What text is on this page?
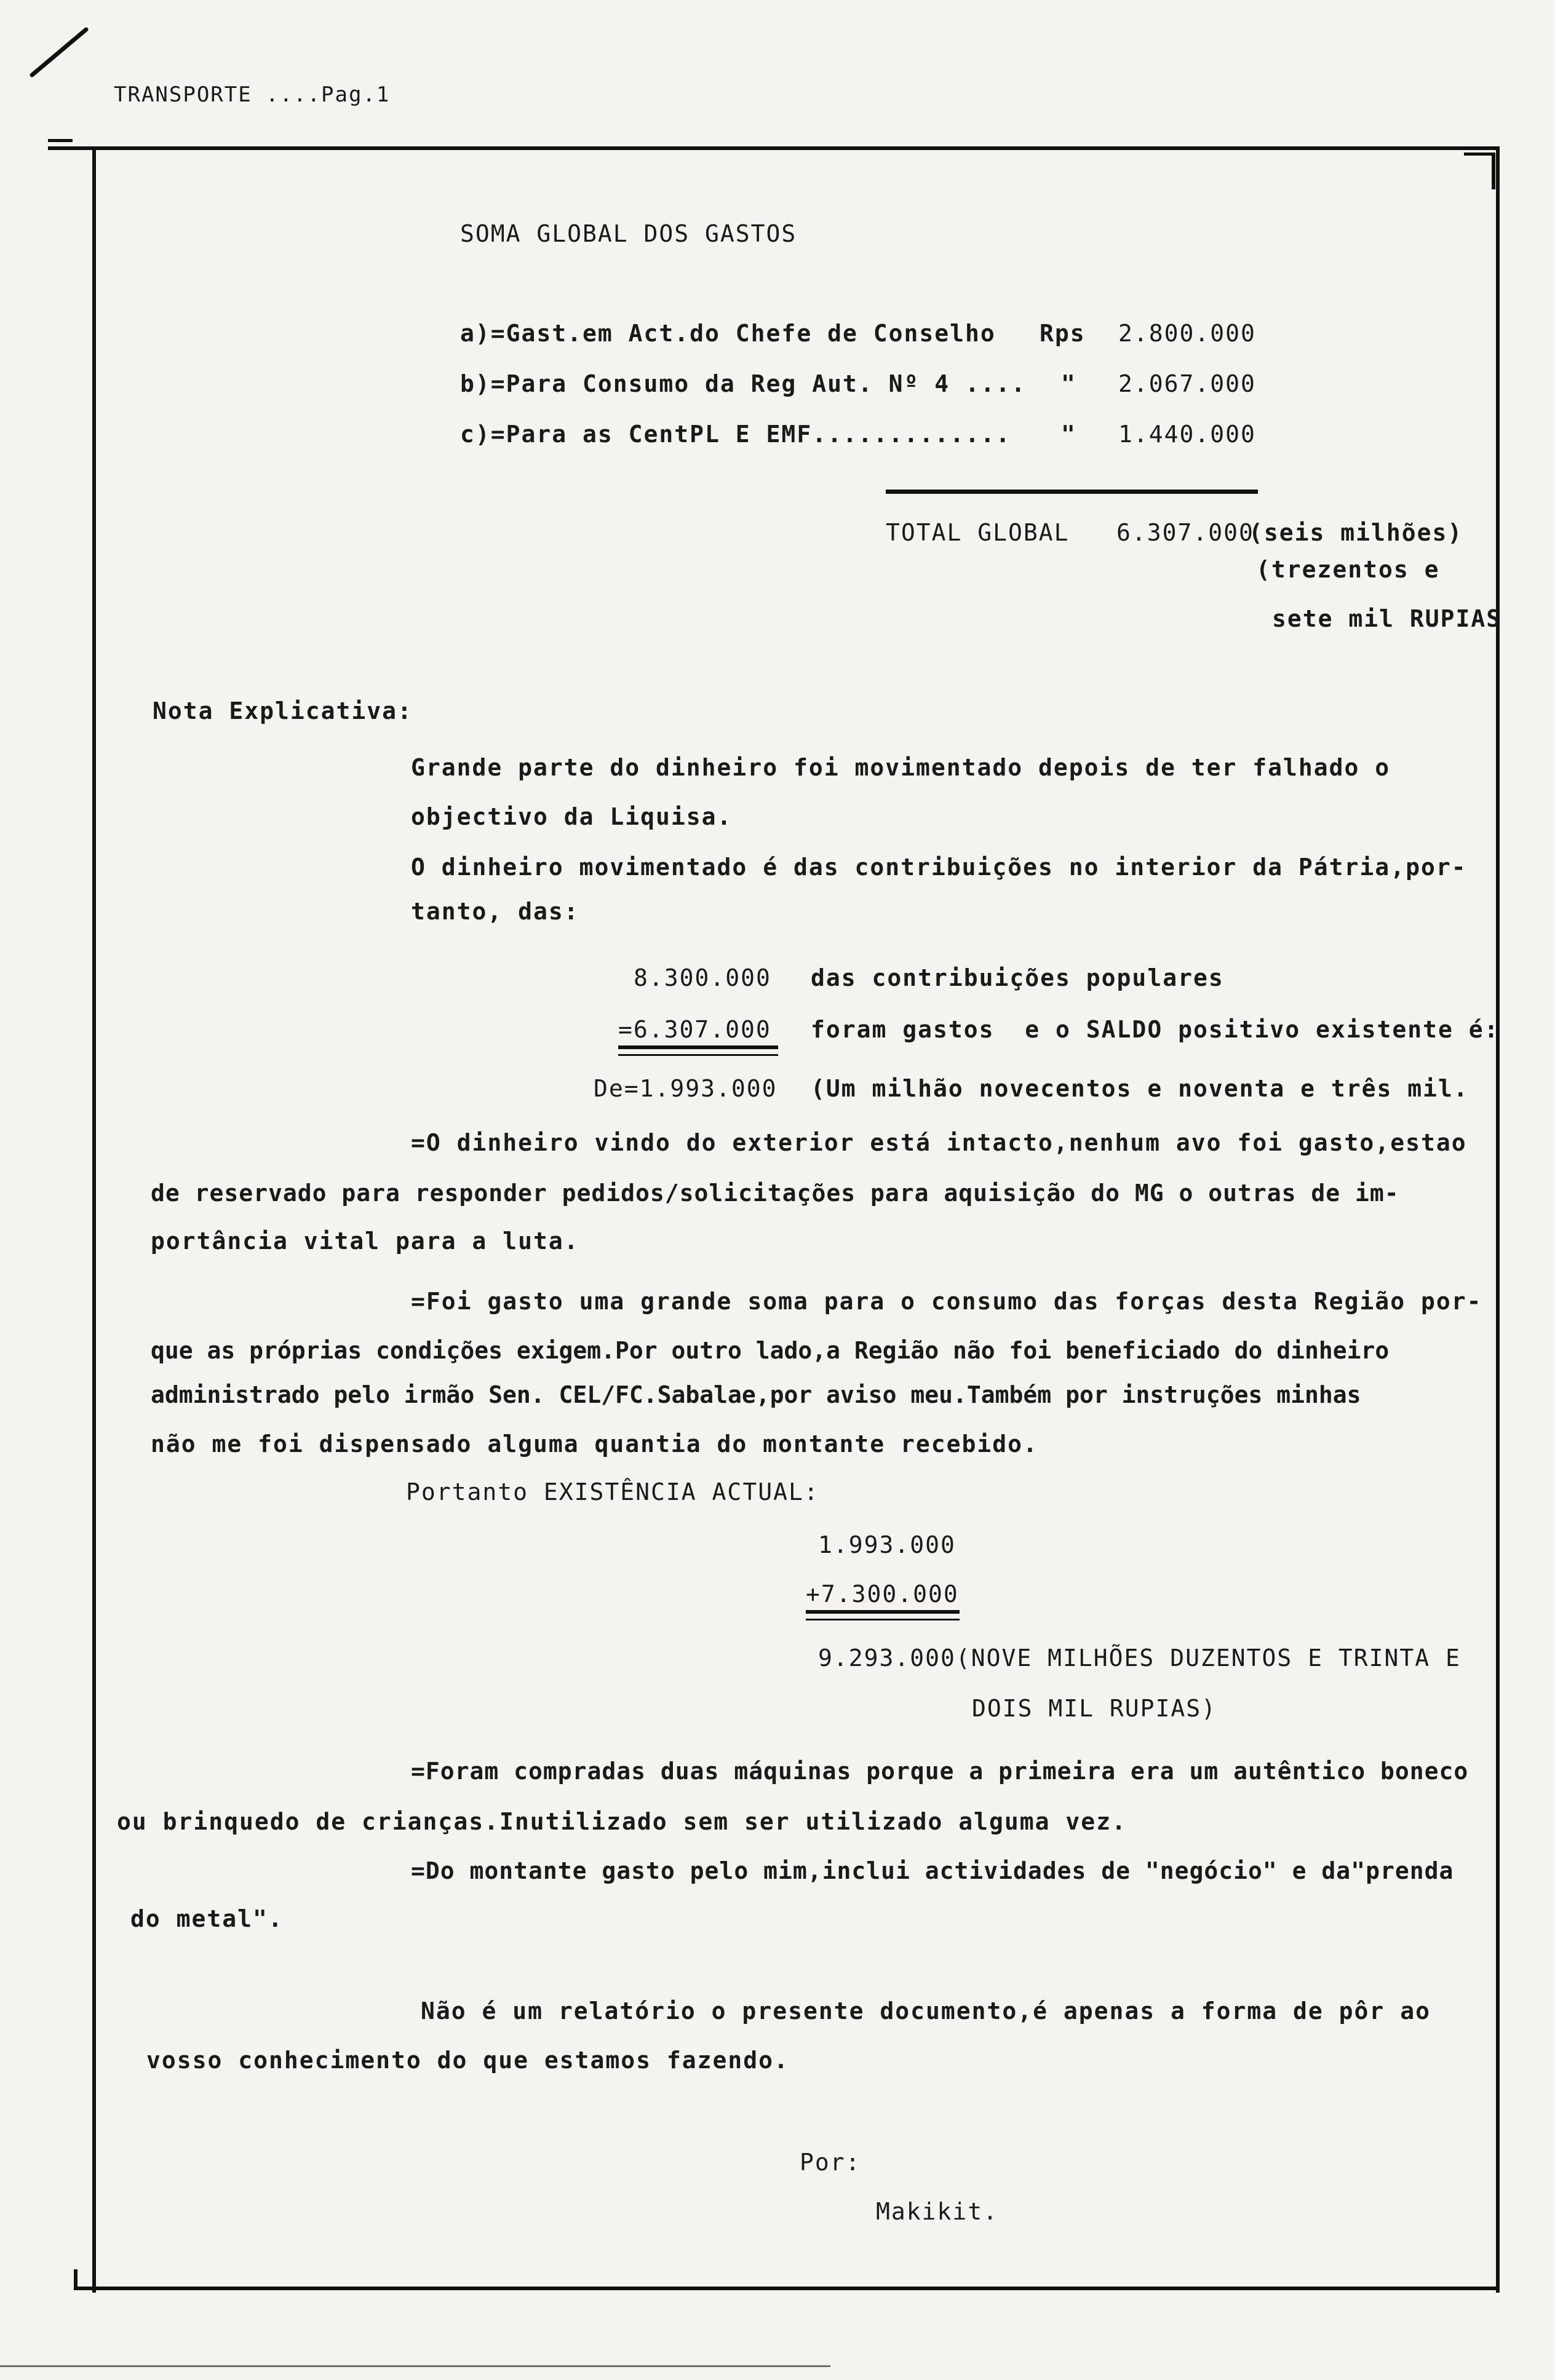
TRANSPORTE ....Pag.1
SOMA GLOBAL DOS GASTOS
a)=Gast.em Act.do Chefe de Conselho Rps 2.800.000
b)=Para Consumo da Reg Aut. Nº 4 .... " 2.067.000
c)=Para as CentPL E EMF............. " 1.440.000
TOTAL GLOBAL 6.307.000
(seis milhões)
(trezentos e
sete mil RUPIAS
Nota Explicativa:
Grande parte do dinheiro foi movimentado depois de ter falhado o
objectivo da Liquisa.
O dinheiro movimentado é das contribuições no interior da Pátria,por-
tanto, das:
8.300.000 das contribuições populares
=6.307.000 foram gastos  e o SALDO positivo existente é:
De=1.993.000 (Um milhão novecentos e noventa e três mil.
=O dinheiro vindo do exterior está intacto,nenhum avo foi gasto,estao
de reservado para responder pedidos/solicitações para aquisição do MG o outras de im-
portância vital para a luta.
=Foi gasto uma grande soma para o consumo das forças desta Região por-
que as próprias condições exigem.Por outro lado,a Região não foi beneficiado do dinheiro
administrado pelo irmão Sen. CEL/FC.Sabalae,por aviso meu.Também por instruções minhas
não me foi dispensado alguma quantia do montante recebido.
Portanto EXISTÊNCIA ACTUAL:
1.993.000
+7.300.000
9.293.000(NOVE MILHÕES DUZENTOS E TRINTA E
DOIS MIL RUPIAS)
=Foram compradas duas máquinas porque a primeira era um autêntico boneco
ou brinquedo de crianças.Inutilizado sem ser utilizado alguma vez.
=Do montante gasto pelo mim,inclui actividades de "negócio" e da"prenda
do metal".
Não é um relatório o presente documento,é apenas a forma de pôr ao
vosso conhecimento do que estamos fazendo.
Por:
Makikit.
